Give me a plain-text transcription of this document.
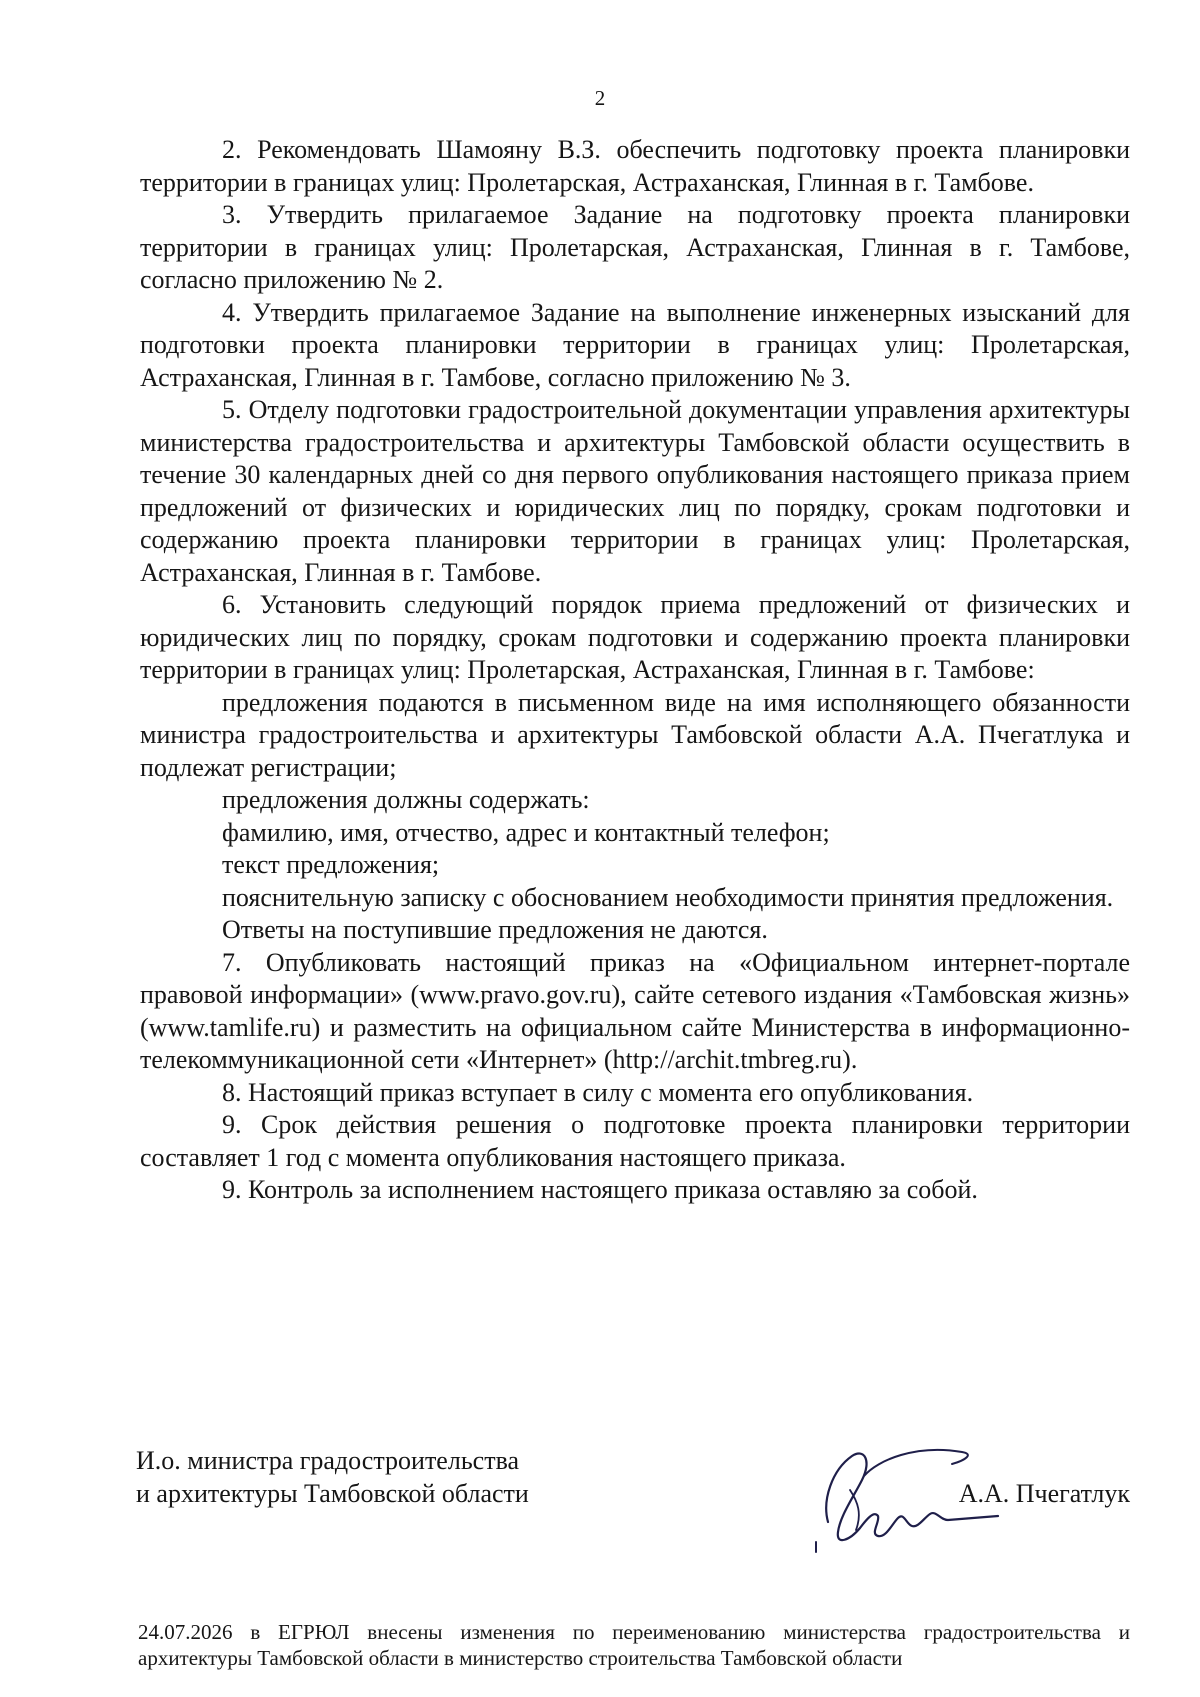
2

2. Рекомендовать Шамояну В.З. обеспечить подготовку проекта планировки территории в границах улиц: Пролетарская, Астраханская, Глинная в г. Тамбове.

3. Утвердить прилагаемое Задание на подготовку проекта планировки территории в границах улиц: Пролетарская, Астраханская, Глинная в г. Тамбове, согласно приложению № 2.

4. Утвердить прилагаемое Задание на выполнение инженерных изысканий для подготовки проекта планировки территории в границах улиц: Пролетарская, Астраханская, Глинная в г. Тамбове, согласно приложению № 3.

5. Отделу подготовки градостроительной документации управления архитектуры министерства градостроительства и архитектуры Тамбовской области осуществить в течение 30 календарных дней со дня первого опубликования настоящего приказа прием предложений от физических и юридических лиц по порядку, срокам подготовки и содержанию проекта планировки территории в границах улиц: Пролетарская, Астраханская, Глинная в г. Тамбове.

6. Установить следующий порядок приема предложений от физических и юридических лиц по порядку, срокам подготовки и содержанию проекта планировки территории в границах улиц: Пролетарская, Астраханская, Глинная в г. Тамбове:

предложения подаются в письменном виде на имя исполняющего обязанности министра градостроительства и архитектуры Тамбовской области А.А. Пчегатлука и подлежат регистрации;

предложения должны содержать:

фамилию, имя, отчество, адрес и контактный телефон;

текст предложения;

пояснительную записку с обоснованием необходимости принятия предложения.

Ответы на поступившие предложения не даются.

7. Опубликовать настоящий приказ на «Официальном интернет-портале правовой информации» (www.pravo.gov.ru), сайте сетевого издания «Тамбовская жизнь» (www.tamlife.ru) и разместить на официальном сайте Министерства в информационно-телекоммуникационной сети «Интернет» (http://archit.tmbreg.ru).

8. Настоящий приказ вступает в силу с момента его опубликования.

9. Срок действия решения о подготовке проекта планировки территории составляет 1 год с момента опубликования настоящего приказа.

9. Контроль за исполнением настоящего приказа оставляю за собой.

И.о. министра градостроительства
и архитектуры Тамбовской области	А.А. Пчегатлук
24.07.2026 в ЕГРЮЛ внесены изменения по переименованию министерства градостроительства и архитектуры Тамбовской области в министерство строительства Тамбовской области
